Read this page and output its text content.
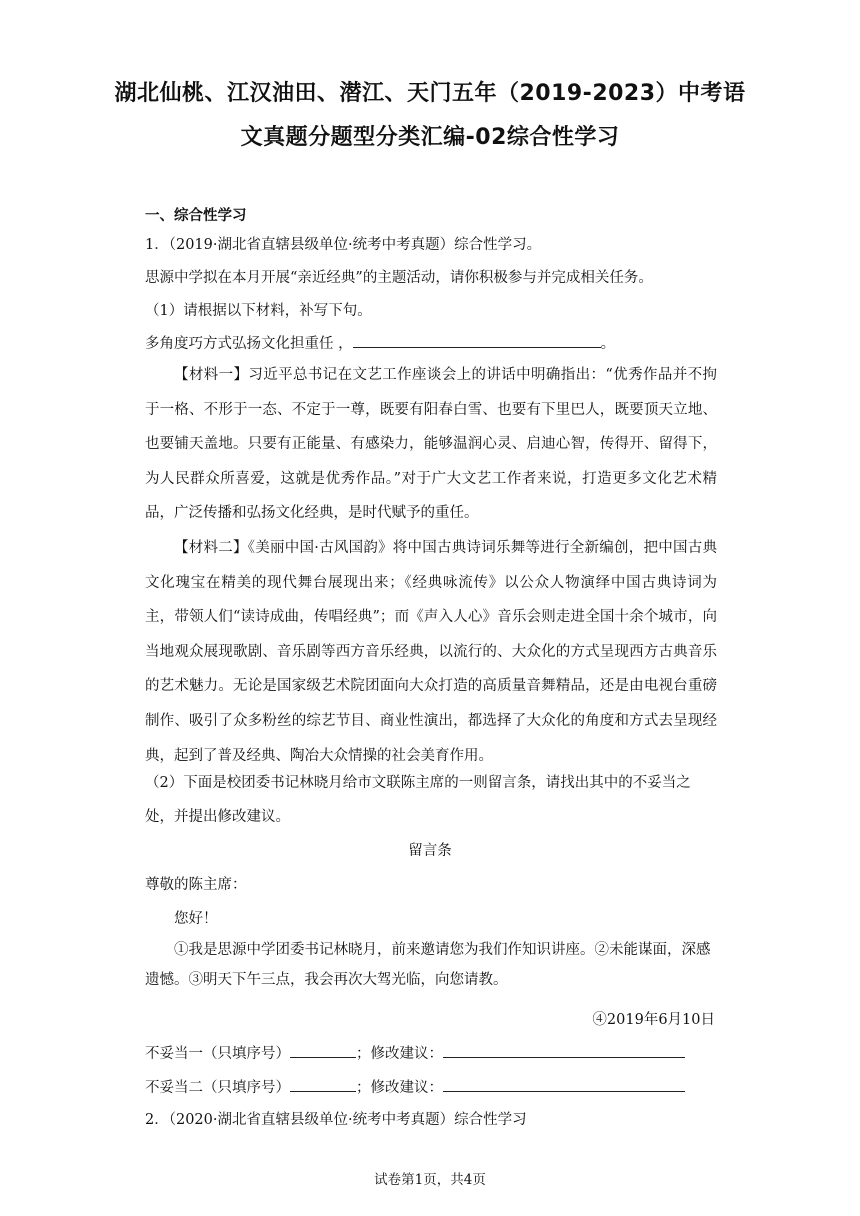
湖北仙桃、江汉油田、潜江、天门五年（2019-2023）中考语
文真题分题型分类汇编-02综合性学习
一、综合性学习
1．（2019·湖北省直辖县级单位·统考中考真题）综合性学习。
思源中学拟在本月开展“亲近经典”的主题活动，请你积极参与并完成相关任务。
（1）请根据以下材料，补写下句。
多角度巧方式弘扬文化担重任 ，	。

【材料一】习近平总书记在文艺工作座谈会上的讲话中明确指出：“优秀作品并不拘于一格、不形于一态、不定于一尊，既要有阳春白雪、也要有下里巴人，既要顶天立地、也要铺天盖地。只要有正能量、有感染力，能够温润心灵、启迪心智，传得开、留得下，为人民群众所喜爱，这就是优秀作品。”对于广大文艺工作者来说，打造更多文化艺术精品，广泛传播和弘扬文化经典，是时代赋予的重任。

【材料二】《美丽中国·古风国韵》将中国古典诗词乐舞等进行全新编创，把中国古典文化瑰宝在精美的现代舞台展现出来；《经典咏流传》以公众人物演绎中国古典诗词为主，带领人们“读诗成曲，传唱经典”；而《声入人心》音乐会则走进全国十余个城市，向当地观众展现歌剧、音乐剧等西方音乐经典，以流行的、大众化的方式呈现西方古典音乐的艺术魅力。无论是国家级艺术院团面向大众打造的高质量音舞精品，还是由电视台重磅制作、吸引了众多粉丝的综艺节目、商业性演出，都选择了大众化的角度和方式去呈现经典，起到了普及经典、陶冶大众情操的社会美育作用。

（2）下面是校团委书记林晓月给市文联陈主席的一则留言条，请找出其中的不妥当之
处，并提出修改建议。
留言条
尊敬的陈主席：
您好！
①我是思源中学团委书记林晓月，前来邀请您为我们作知识讲座。②未能谋面，深感遗憾。③明天下午三点，我会再次大驾光临，向您请教。
④2019年6月10日
不妥当一（只填序号）	；修改建议：
不妥当二（只填序号）	；修改建议：
2．（2020·湖北省直辖县级单位·统考中考真题）综合性学习
试卷第1页，共4页
